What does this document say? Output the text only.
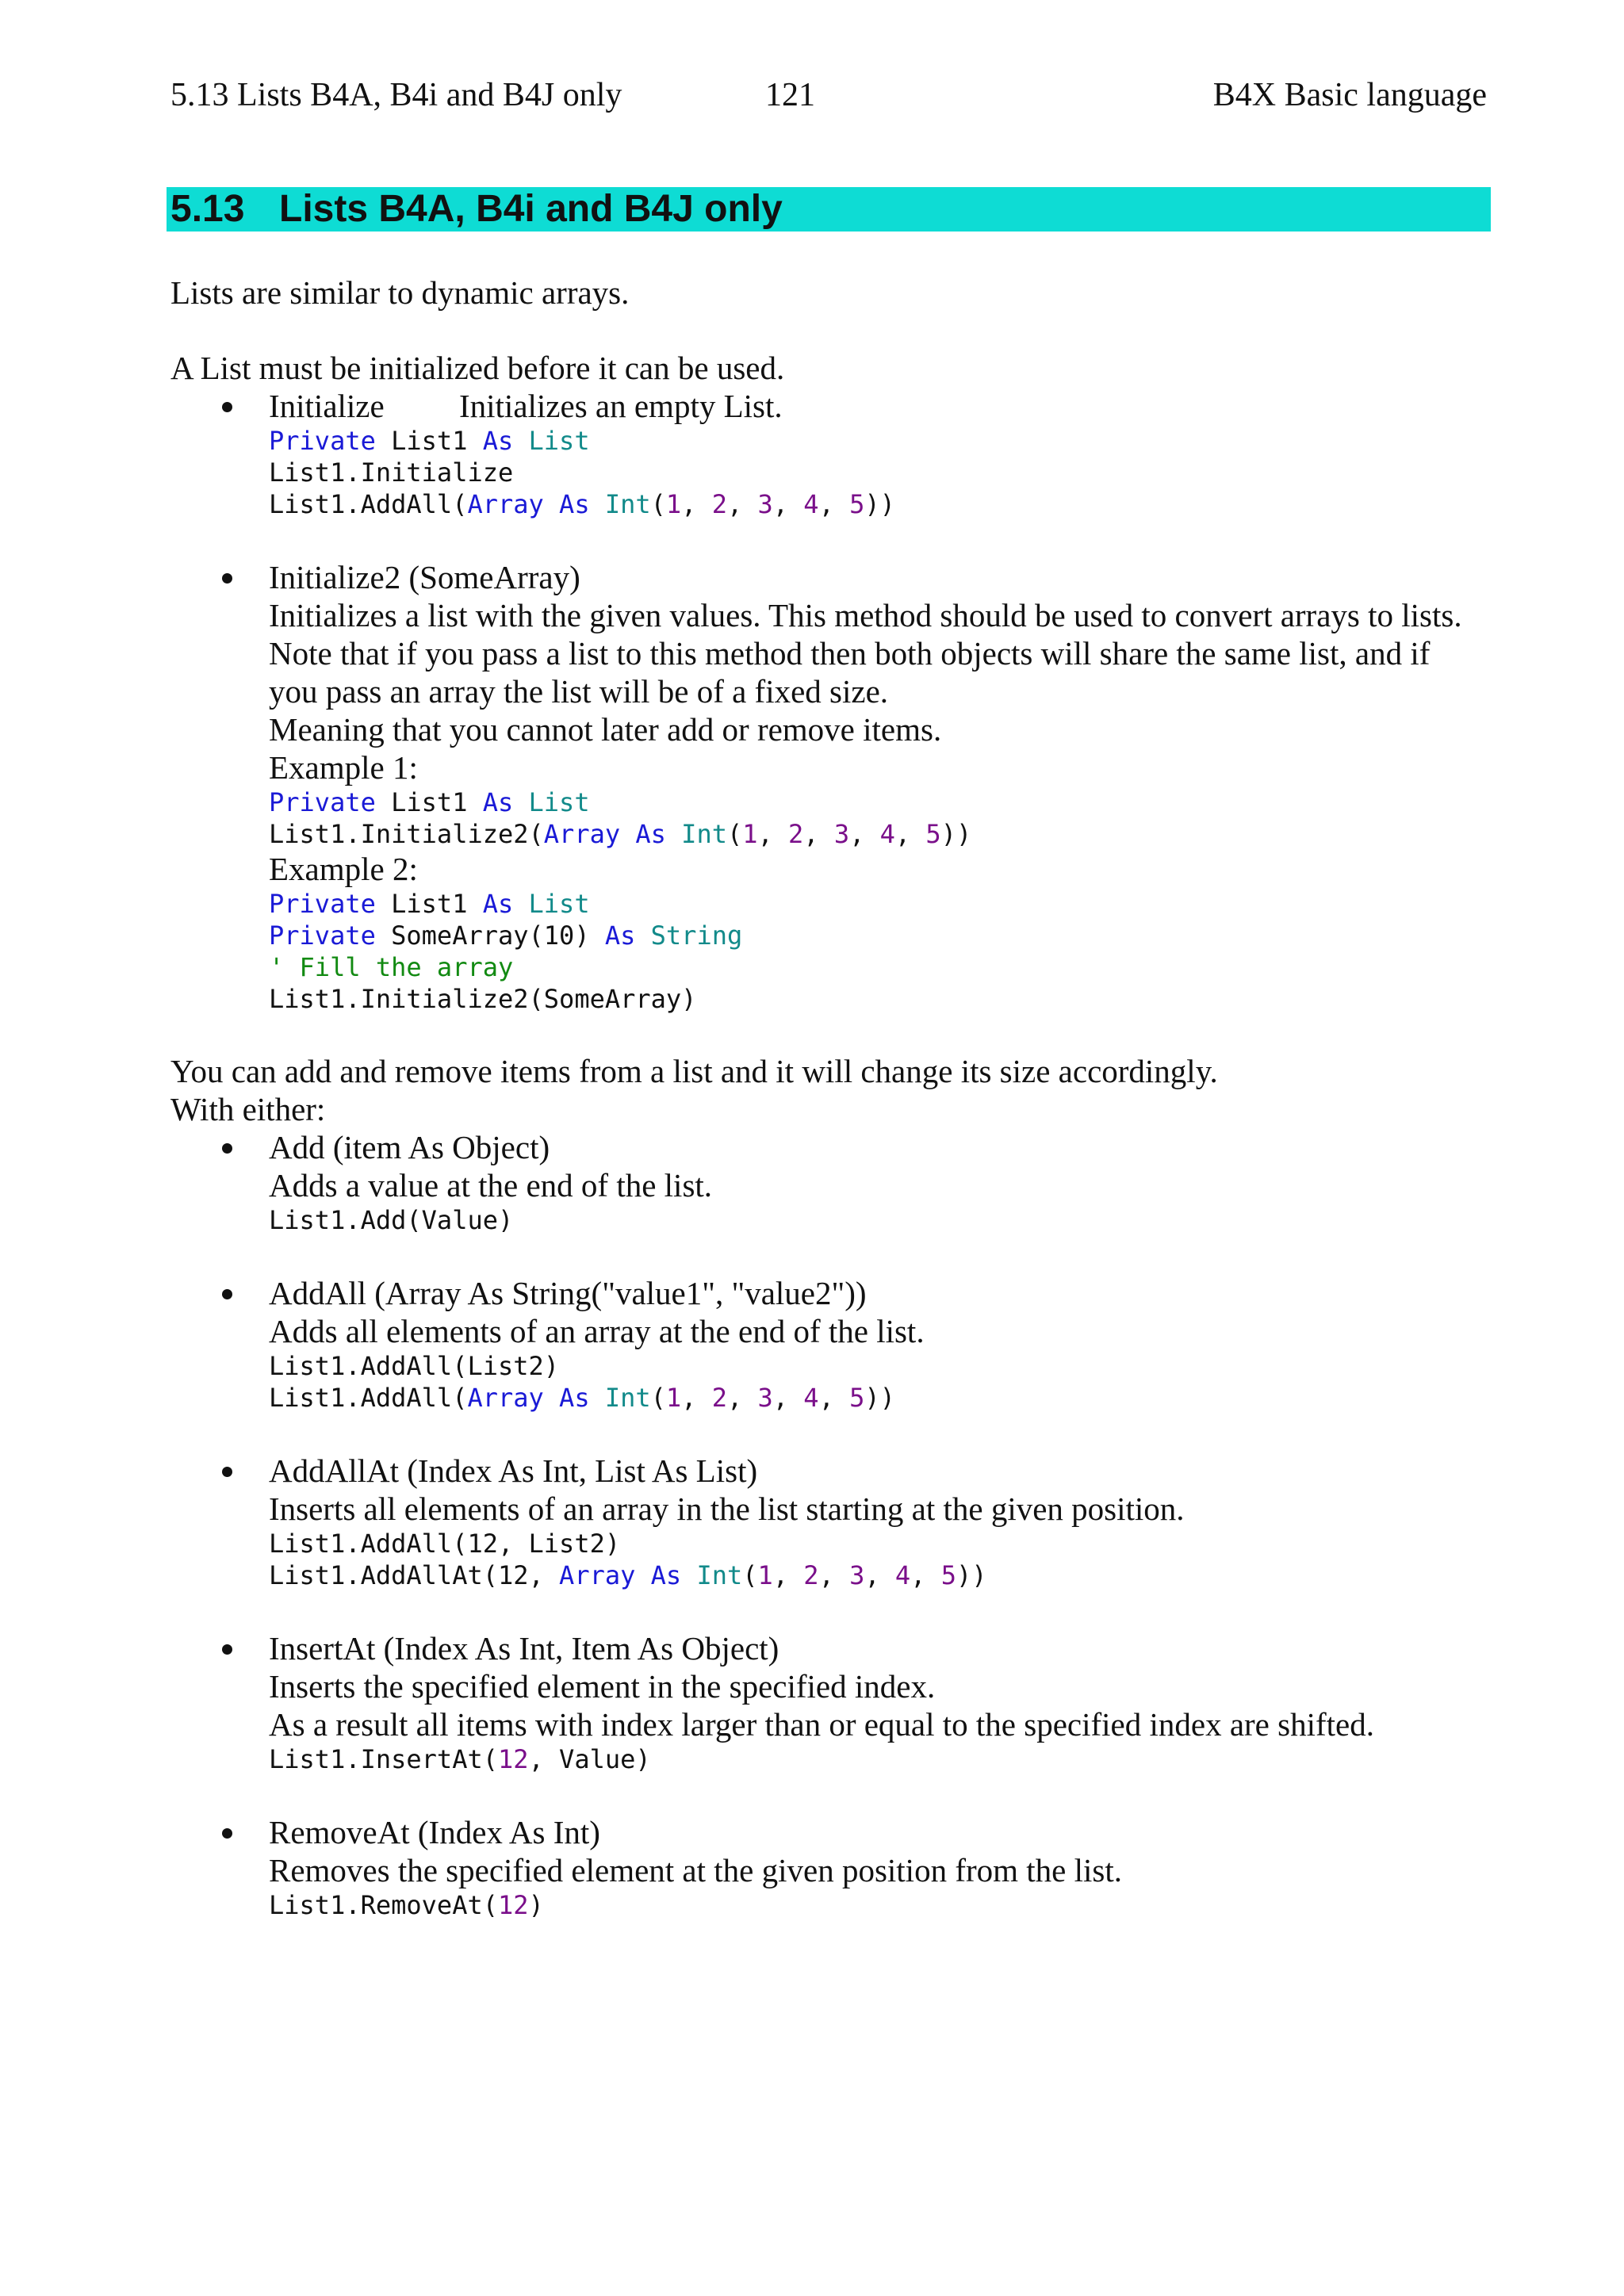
5.13 Lists B4A, B4i and B4J only	121	B4X Basic language
5.13 Lists B4A, B4i and B4J only

Lists are similar to dynamic arrays.

A List must be initialized before it can be used.

Initialize Initializes an empty List.

Private List1 As List

List1.Initialize

List1.AddAll(Array As Int(1, 2, 3, 4, 5))

Initialize2 (SomeArray)

Initializes a list with the given values. This method should be used to convert arrays to lists.

Note that if you pass a list to this method then both objects will share the same list, and if

you pass an array the list will be of a fixed size.

Meaning that you cannot later add or remove items.

Example 1:

Private List1 As List

List1.Initialize2(Array As Int(1, 2, 3, 4, 5))

Example 2:

Private List1 As List

Private SomeArray(10) As String

' Fill the array

List1.Initialize2(SomeArray)

You can add and remove items from a list and it will change its size accordingly.

With either:

Add (item As Object)

Adds a value at the end of the list.

List1.Add(Value)

AddAll (Array As String("value1", "value2"))

Adds all elements of an array at the end of the list.

List1.AddAll(List2)

List1.AddAll(Array As Int(1, 2, 3, 4, 5))

AddAllAt (Index As Int, List As List)

Inserts all elements of an array in the list starting at the given position.

List1.AddAll(12, List2)

List1.AddAllAt(12, Array As Int(1, 2, 3, 4, 5))

InsertAt (Index As Int, Item As Object)

Inserts the specified element in the specified index.

As a result all items with index larger than or equal to the specified index are shifted.

List1.InsertAt(12, Value)

RemoveAt (Index As Int)

Removes the specified element at the given position from the list.

List1.RemoveAt(12)
